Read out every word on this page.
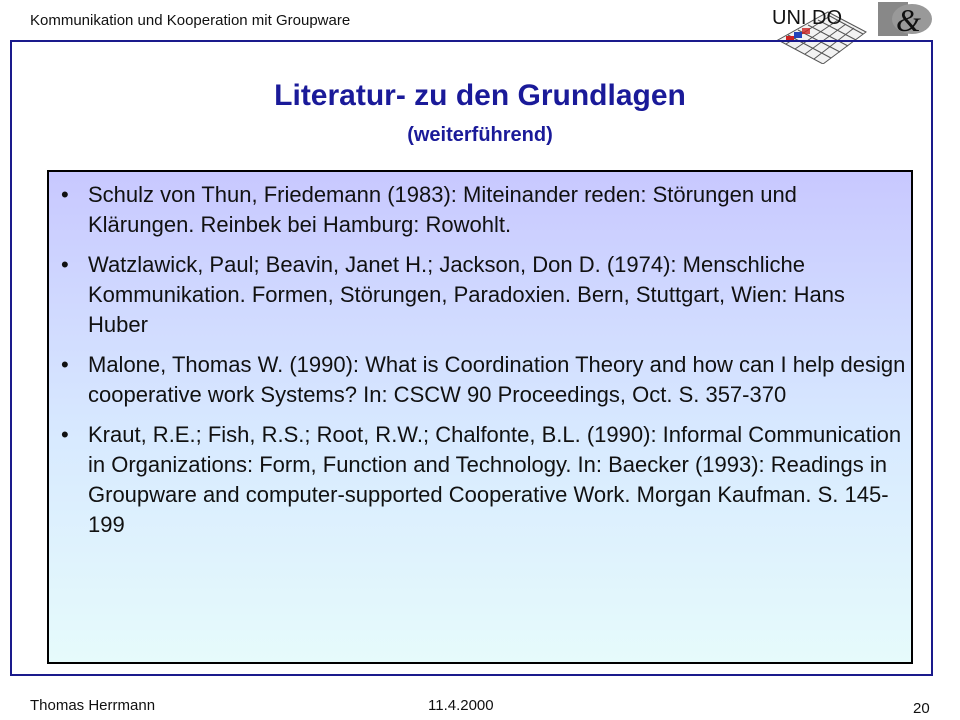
Kommunikation und Kooperation mit Groupware	UNI DO &
Literatur- zu den Grundlagen
(weiterführend)
• Schulz von Thun, Friedemann (1983): Miteinander reden: Störungen und Klärungen. Reinbek bei Hamburg: Rowohlt.
• Watzlawick, Paul; Beavin, Janet H.; Jackson, Don D. (1974): Menschliche Kommunikation. Formen, Störungen, Paradoxien. Bern, Stuttgart, Wien: Hans Huber
• Malone, Thomas W. (1990): What is Coordination Theory and how can I help design cooperative work Systems? In: CSCW 90 Proceedings, Oct. S. 357-370
• Kraut, R.E.; Fish, R.S.; Root, R.W.; Chalfonte, B.L. (1990): Informal Communication in Organizations: Form, Function and Technology. In: Baecker (1993): Readings in Groupware and computer-supported Cooperative Work. Morgan Kaufman. S. 145-199
Thomas Herrmann	11.4.2000	20
